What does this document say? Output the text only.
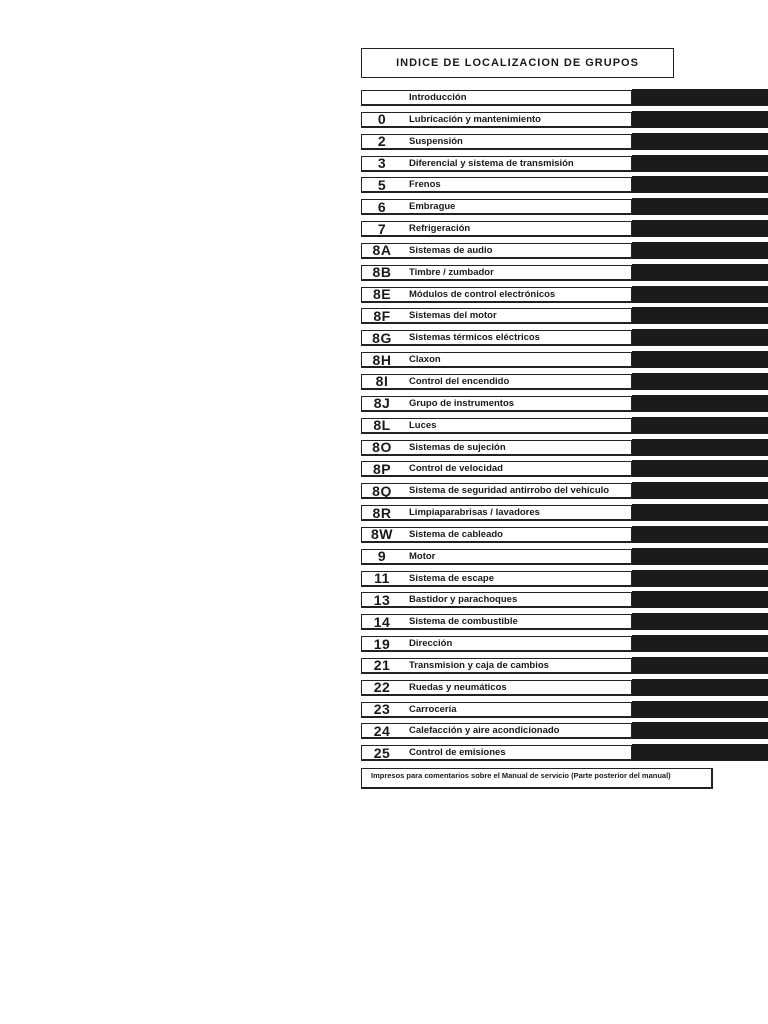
INDICE DE LOCALIZACION DE GRUPOS
Introducción
0	Lubricación y mantenimiento
2	Suspensión
3	Diferencial y sistema de transmisión
5	Frenos
6	Embrague
7	Refrigeración
8A	Sistemas de audio
8B	Timbre / zumbador
8E	Módulos de control electrónicos
8F	Sistemas del motor
8G	Sistemas térmicos eléctricos
8H	Claxon
8I	Control del encendido
8J	Grupo de instrumentos
8L	Luces
8O	Sistemas de sujeción
8P	Control de velocidad
8Q	Sistema de seguridad antirrobo del vehículo
8R	Limpiaparabrisas / lavadores
8W	Sistema de cableado
9	Motor
11	Sistema de escape
13	Bastidor y parachoques
14	Sistema de combustible
19	Dirección
21	Transmision y caja de cambios
22	Ruedas y neumáticos
23	Carrocería
24	Calefacción y aire acondicionado
25	Control de emisiones
Impresos para comentarios sobre el Manual de servicio (Parte posterior del manual)
